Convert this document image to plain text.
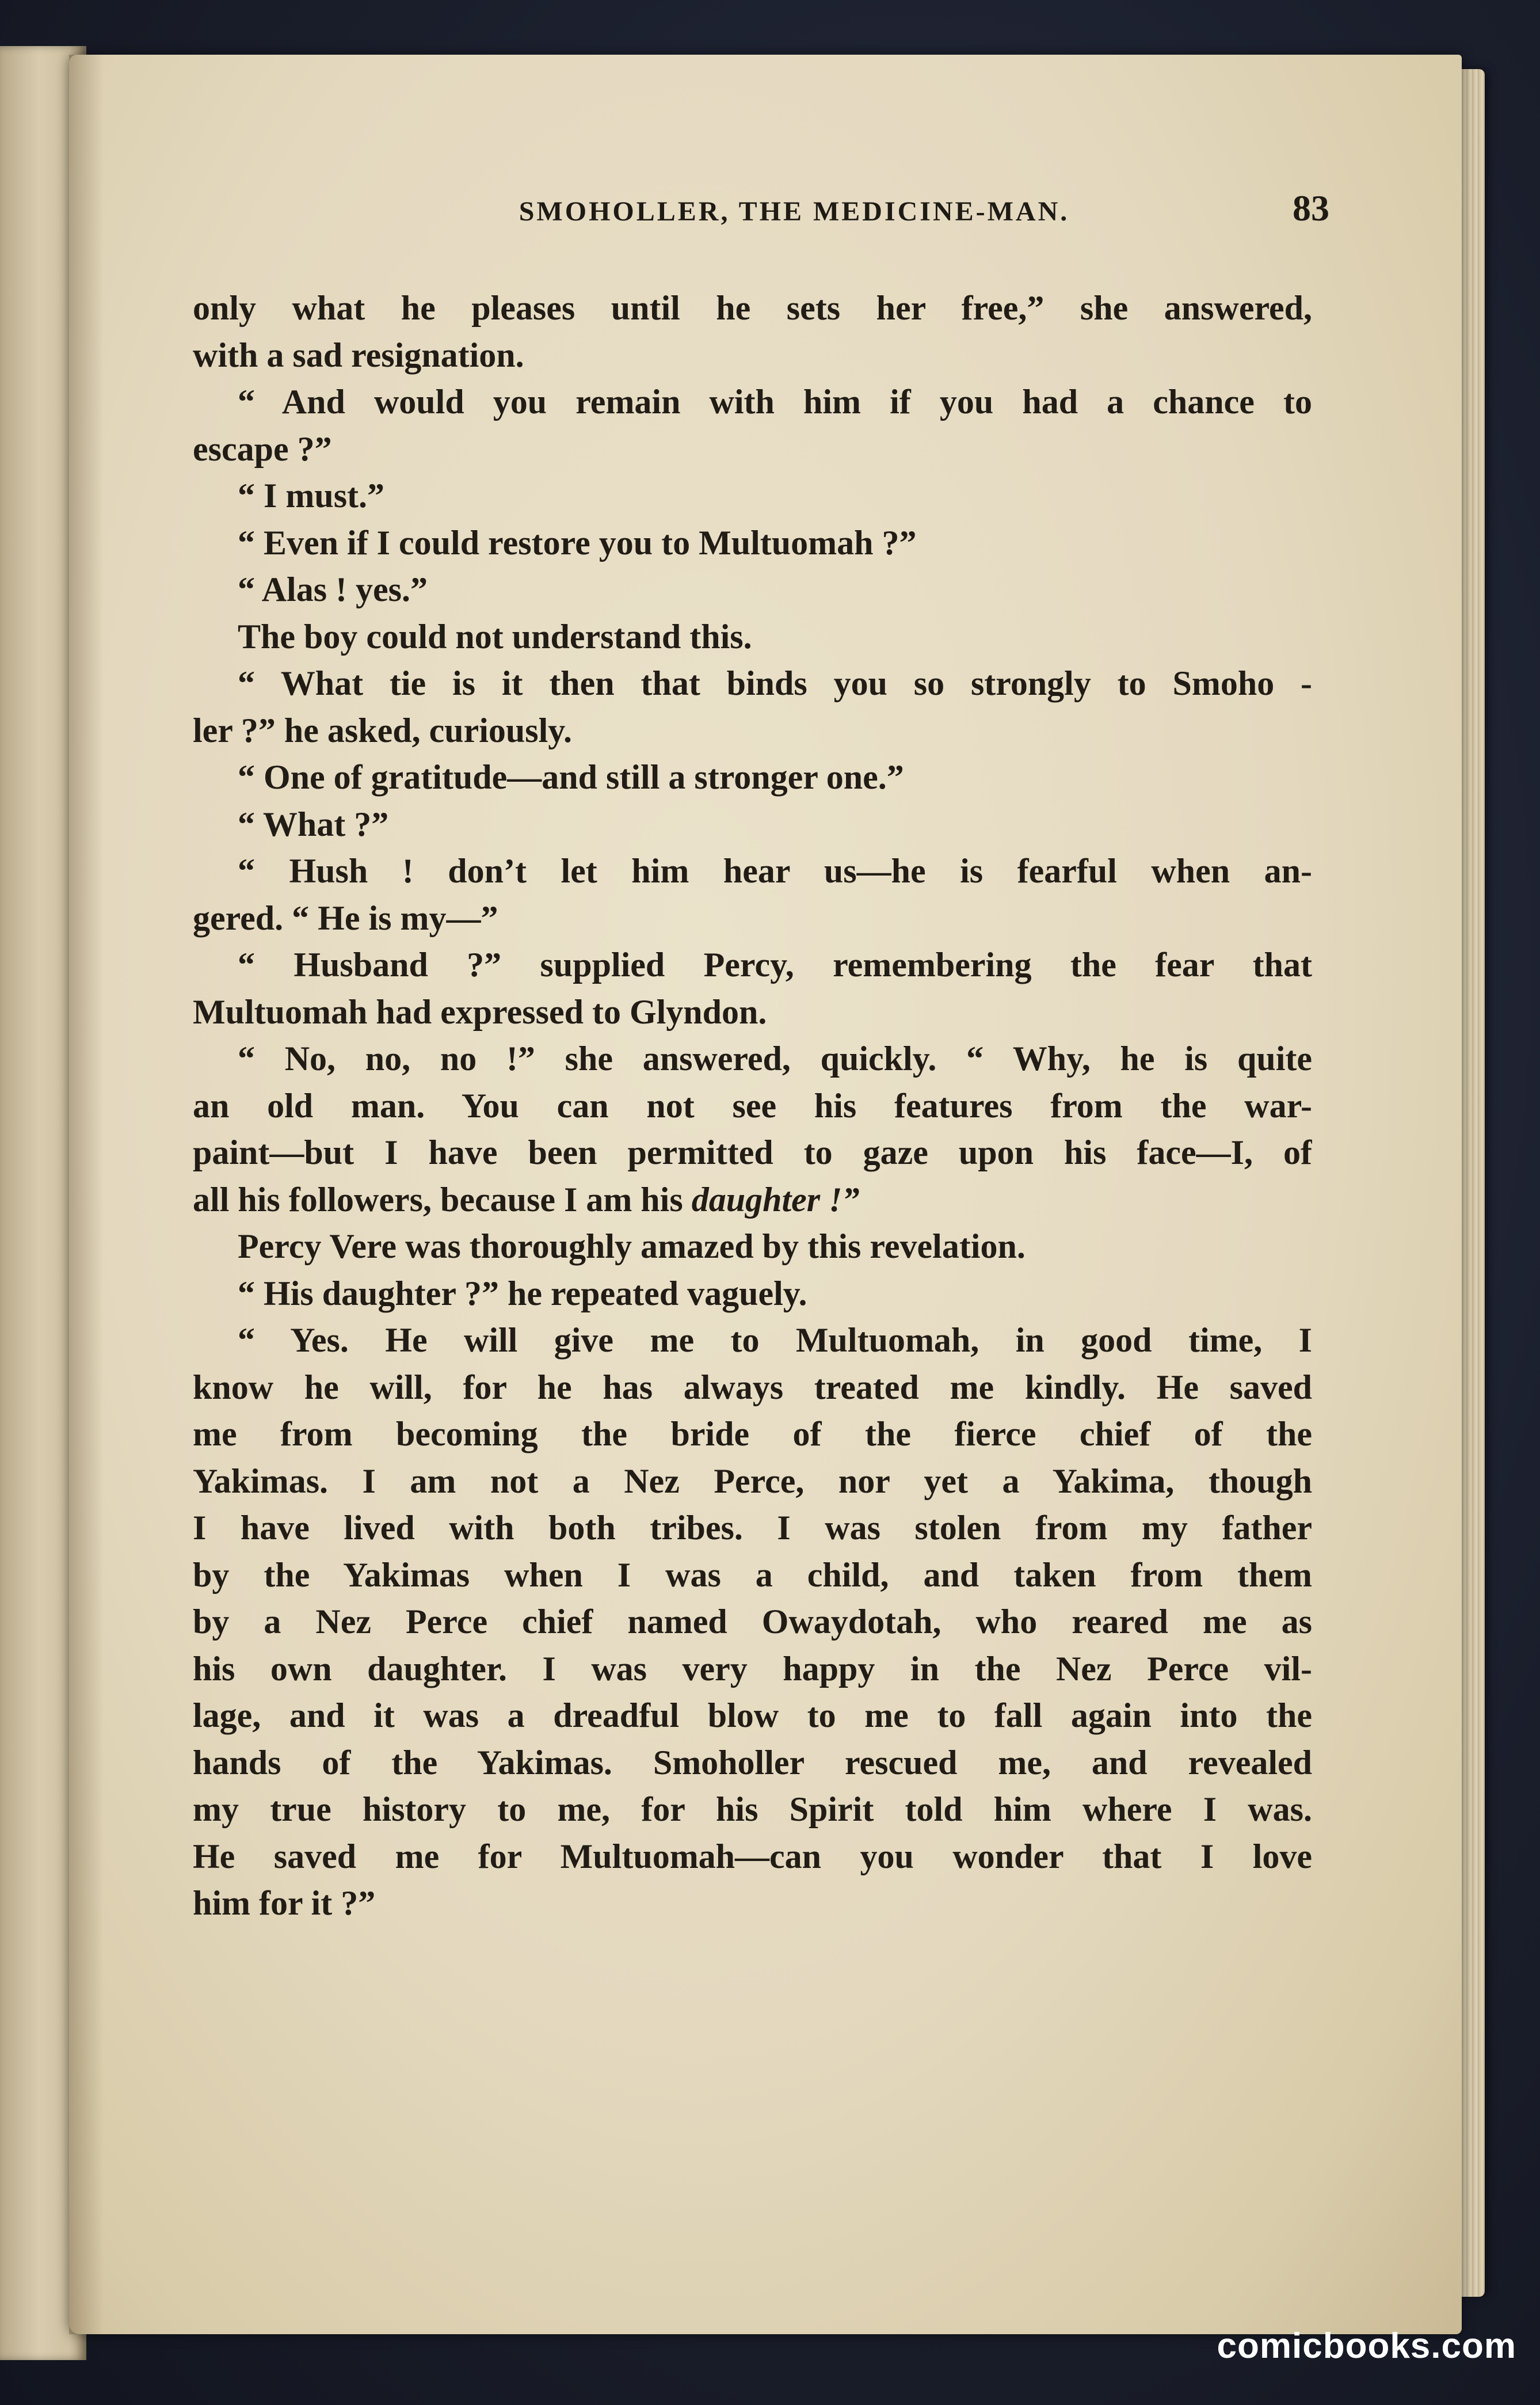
SMOHOLLER, THE MEDICINE-MAN.	83
only what he pleases until he sets her free,” she answered,
with a sad resignation.
“ And would you remain with him if you had a chance to
escape ?”
“ I must.”
“ Even if I could restore you to Multuomah ?”
“ Alas ! yes.”
The boy could not understand this.
“ What tie is it then that binds you so strongly to Smoho -
ler ?” he asked, curiously.
“ One of gratitude—and still a stronger one.”
“ What ?”
“ Hush ! don’t let him hear us—he is fearful when an-
gered. “ He is my—”
“ Husband ?” supplied Percy, remembering the fear that
Multuomah had expressed to Glyndon.
“ No, no, no !” she answered, quickly. “ Why, he is quite
an old man. You can not see his features from the war-
paint—but I have been permitted to gaze upon his face—I, of
all his followers, because I am his daughter !”
Percy Vere was thoroughly amazed by this revelation.
“ His daughter ?” he repeated vaguely.
“ Yes. He will give me to Multuomah, in good time, I
know he will, for he has always treated me kindly. He saved
me from becoming the bride of the fierce chief of the
Yakimas. I am not a Nez Perce, nor yet a Yakima, though
I have lived with both tribes. I was stolen from my father
by the Yakimas when I was a child, and taken from them
by a Nez Perce chief named Owaydotah, who reared me as
his own daughter. I was very happy in the Nez Perce vil-
lage, and it was a dreadful blow to me to fall again into the
hands of the Yakimas. Smoholler rescued me, and revealed
my true history to me, for his Spirit told him where I was.
He saved me for Multuomah—can you wonder that I love
him for it ?”
comicbooks.com
